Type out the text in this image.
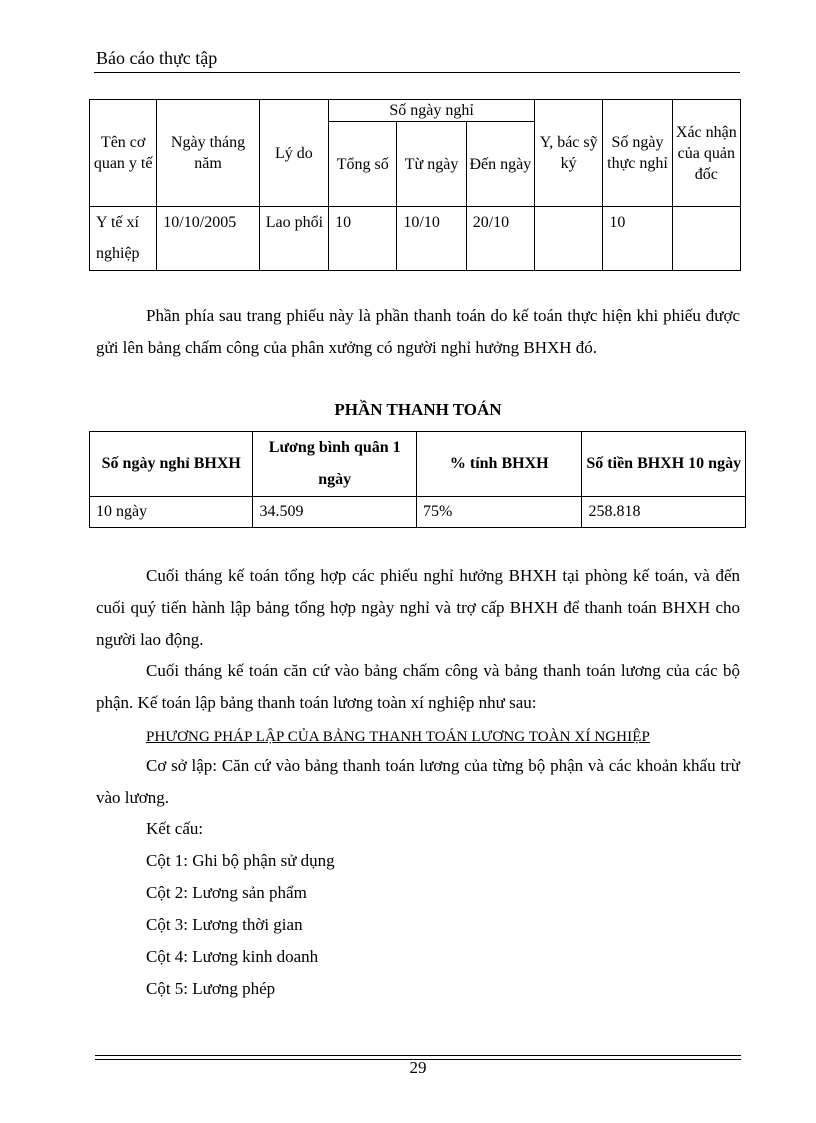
Báo cáo thực tập
Tên cơ quan y tế	Ngày tháng năm	Lý do	Số ngày nghỉ			Y, bác sỹ ký	Số ngày thực nghỉ	Xác nhận của quản đốc
			Tổng số	Từ ngày	Đến ngày			
Y tế xí nghiệp	10/10/2005	Lao phổi	10	10/10	20/10		10	
Phần phía sau trang phiếu này là phần thanh toán do kế toán thực hiện khi phiếu được gửi lên bảng chấm công của phân xưởng có người nghỉ hưởng BHXH đó.
PHẦN THANH TOÁN
Số ngày nghỉ BHXH	Lương bình quân 1 ngày	% tính BHXH	Số tiền BHXH 10 ngày
10 ngày	34.509	75%	258.818
Cuối tháng kế toán tổng hợp các phiếu nghỉ hưởng BHXH tại phòng kế toán, và đến cuối quý tiến hành lập bảng tổng hợp ngày nghỉ và trợ cấp BHXH để thanh toán BHXH cho người lao động.
Cuối tháng kế toán căn cứ vào bảng chấm công và bảng thanh toán lương của các bộ phận. Kế toán lập bảng thanh toán lương toàn xí nghiệp như sau:
PHƯƠNG PHÁP LẬP CỦA BẢNG THANH TOÁN LƯƠNG TOÀN XÍ NGHIỆP
Cơ sở lập: Căn cứ vào bảng thanh toán lương của từng bộ phận và các khoản khấu trừ vào lương.
Kết cấu:
Cột 1: Ghi bộ phận sử dụng
Cột 2: Lương sản phẩm
Cột 3: Lương thời gian
Cột 4: Lương kinh doanh
Cột 5: Lương phép
29
